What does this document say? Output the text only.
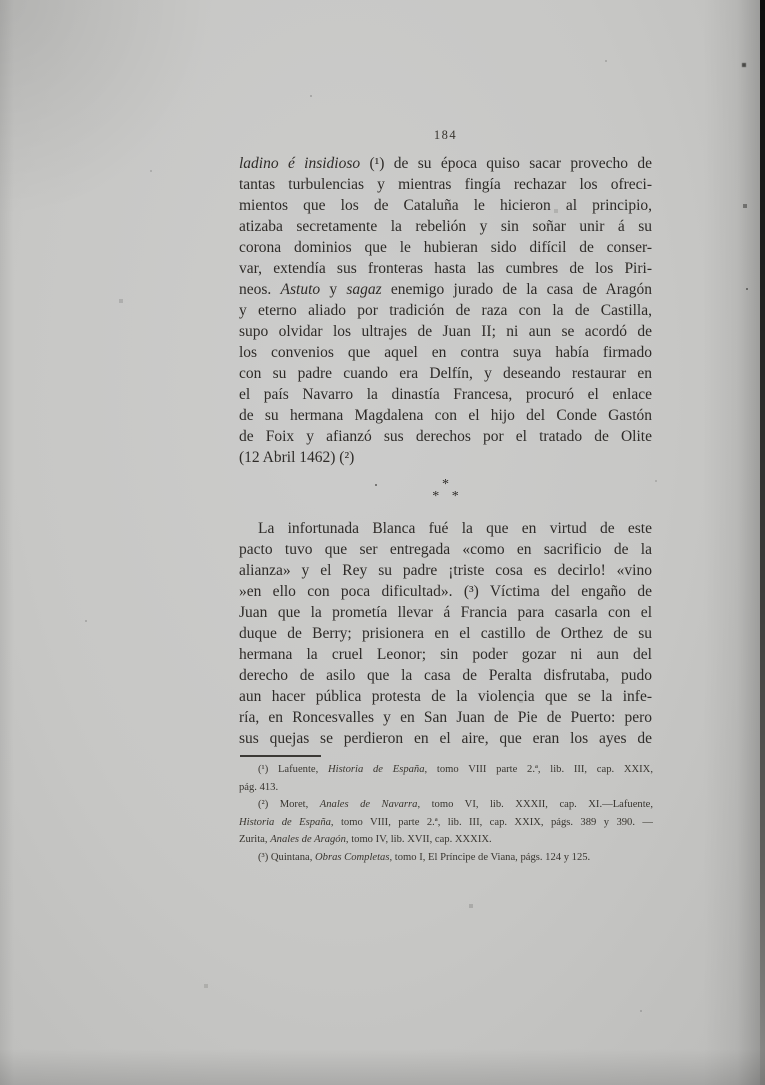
184
ladino é insidioso (¹) de su época quiso sacar provecho de
tantas turbulencias y mientras fingía rechazar los ofreci-
mientos que los de Cataluña le hicieron al principio,
atizaba secretamente la rebelión y sin soñar unir á su
corona dominios que le hubieran sido difícil de conser-
var, extendía sus fronteras hasta las cumbres de los Piri-
neos. Astuto y sagaz enemigo jurado de la casa de Aragón
y eterno aliado por tradición de raza con la de Castilla,
supo olvidar los ultrajes de Juan II; ni aun se acordó de
los convenios que aquel en contra suya había firmado
con su padre cuando era Delfín, y deseando restaurar en
el país Navarro la dinastía Francesa, procuró el enlace
de su hermana Magdalena con el hijo del Conde Gastón
de Foix y afianzó sus derechos por el tratado de Olite
(12 Abril 1462) (²)
*
* *
La infortunada Blanca fué la que en virtud de este
pacto tuvo que ser entregada «como en sacrificio de la
alianza» y el Rey su padre ¡triste cosa es decirlo! «vino
»en ello con poca dificultad». (³) Víctima del engaño de
Juan que la prometía llevar á Francia para casarla con el
duque de Berry; prisionera en el castillo de Orthez de su
hermana la cruel Leonor; sin poder gozar ni aun del
derecho de asilo que la casa de Peralta disfrutaba, pudo
aun hacer pública protesta de la violencia que se la infe-
ría, en Roncesvalles y en San Juan de Pie de Puerto: pero
sus quejas se perdieron en el aire, que eran los ayes de
(¹) Lafuente, Historia de España, tomo VIII parte 2.ª, lib. III, cap. XXIX,
pág. 413.
(²) Moret, Anales de Navarra, tomo VI, lib. XXXII, cap. XI.—Lafuente,
Historia de España, tomo VIII, parte 2.ª, lib. III, cap. XXIX, págs. 389 y 390. —
Zurita, Anales de Aragón, tomo IV, lib. XVII, cap. XXXIX.
(³) Quintana, Obras Completas, tomo I, El Príncipe de Viana, págs. 124 y 125.
